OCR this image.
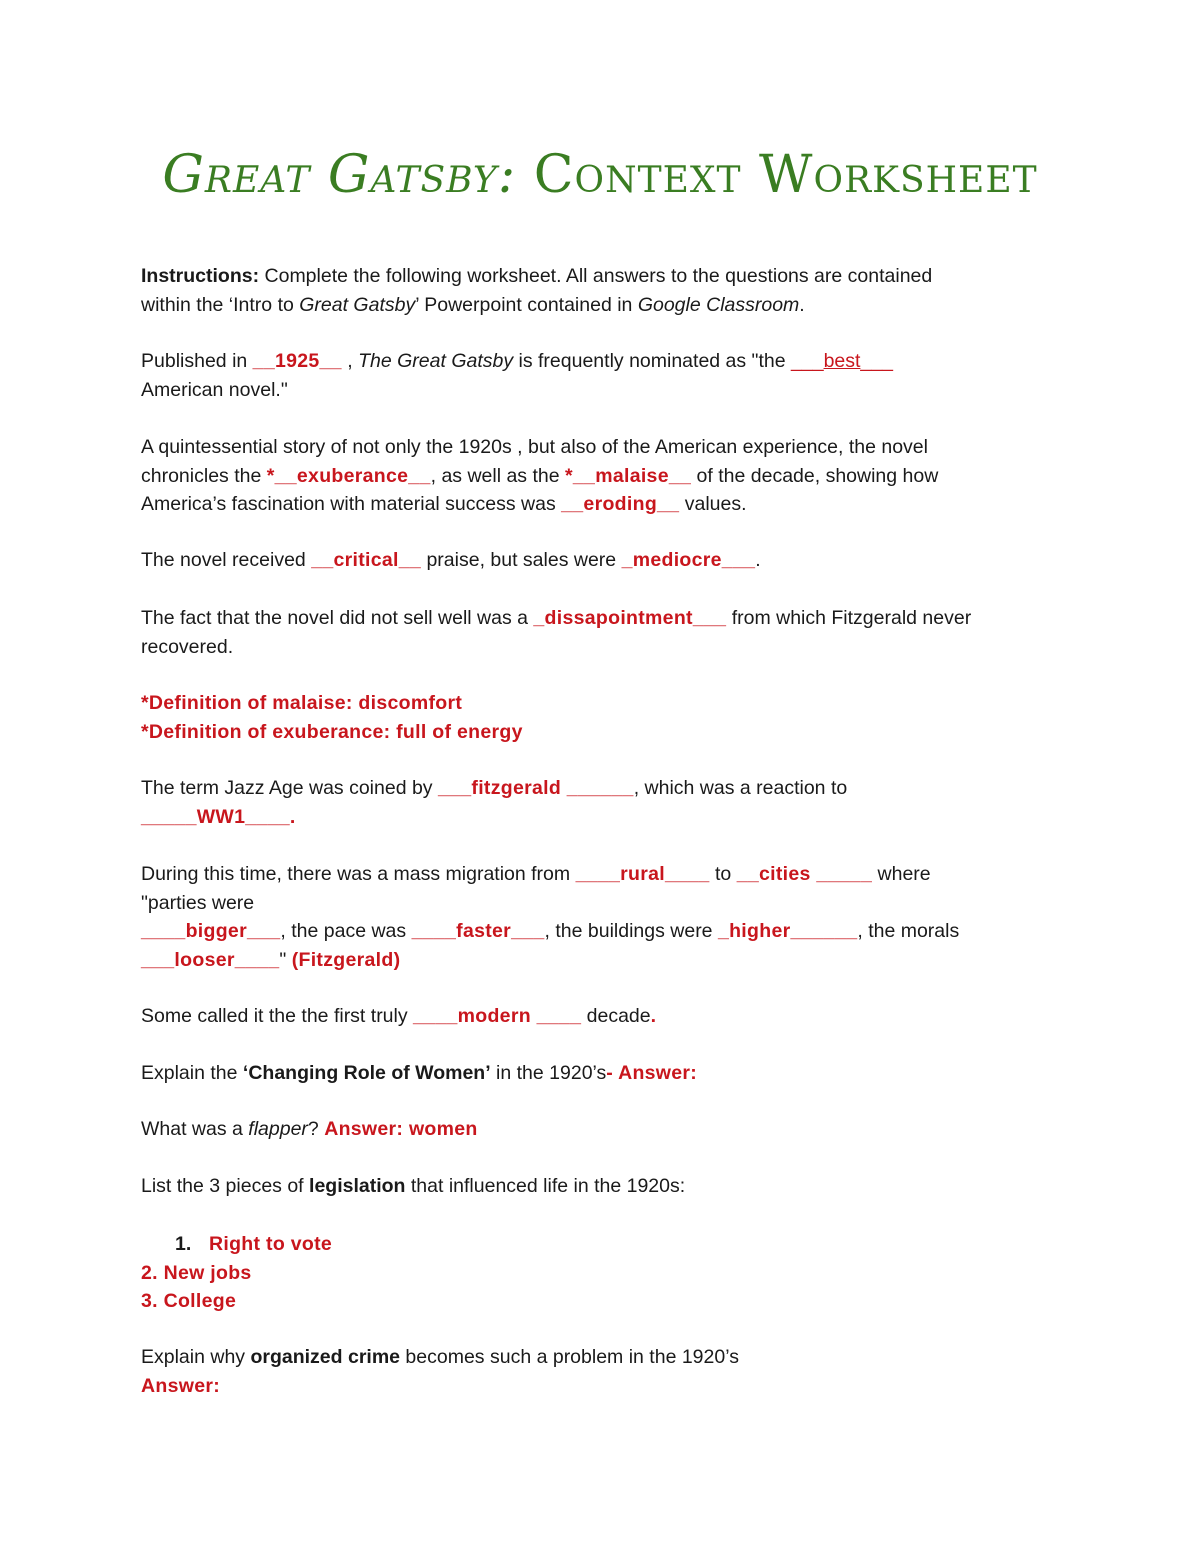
Great Gatsby: Context Worksheet
Instructions: Complete the following worksheet. All answers to the questions are contained
within the ‘Intro to Great Gatsby’ Powerpoint contained in Google Classroom.
Published in __1925__ , The Great Gatsby is frequently nominated as "the ___best___
American novel."
A quintessential story of not only the 1920s , but also of the American experience, the novel
chronicles the *__exuberance__, as well as the *__malaise__ of the decade, showing how
America’s fascination with material success was __eroding__ values.
The novel received __critical__ praise, but sales were _mediocre___.
The fact that the novel did not sell well was a _dissapointment___ from which Fitzgerald never
recovered.
*Definition of malaise: discomfort
*Definition of exuberance: full of energy
The term Jazz Age was coined by ___fitzgerald ______, which was a reaction to
_____WW1____.
During this time, there was a mass migration from ____rural____ to __cities _____ where
"parties were
____bigger___, the pace was ____faster___, the buildings were _higher______, the morals
___looser____" (Fitzgerald)
Some called it the the first truly ____modern ____ decade.
Explain the ‘Changing Role of Women’ in the 1920’s- Answer:
What was a flapper? Answer: women
List the 3 pieces of legislation that influenced life in the 1920s:
1. Right to vote
2. New jobs
3. College
Explain why organized crime becomes such a problem in the 1920’s
Answer:
